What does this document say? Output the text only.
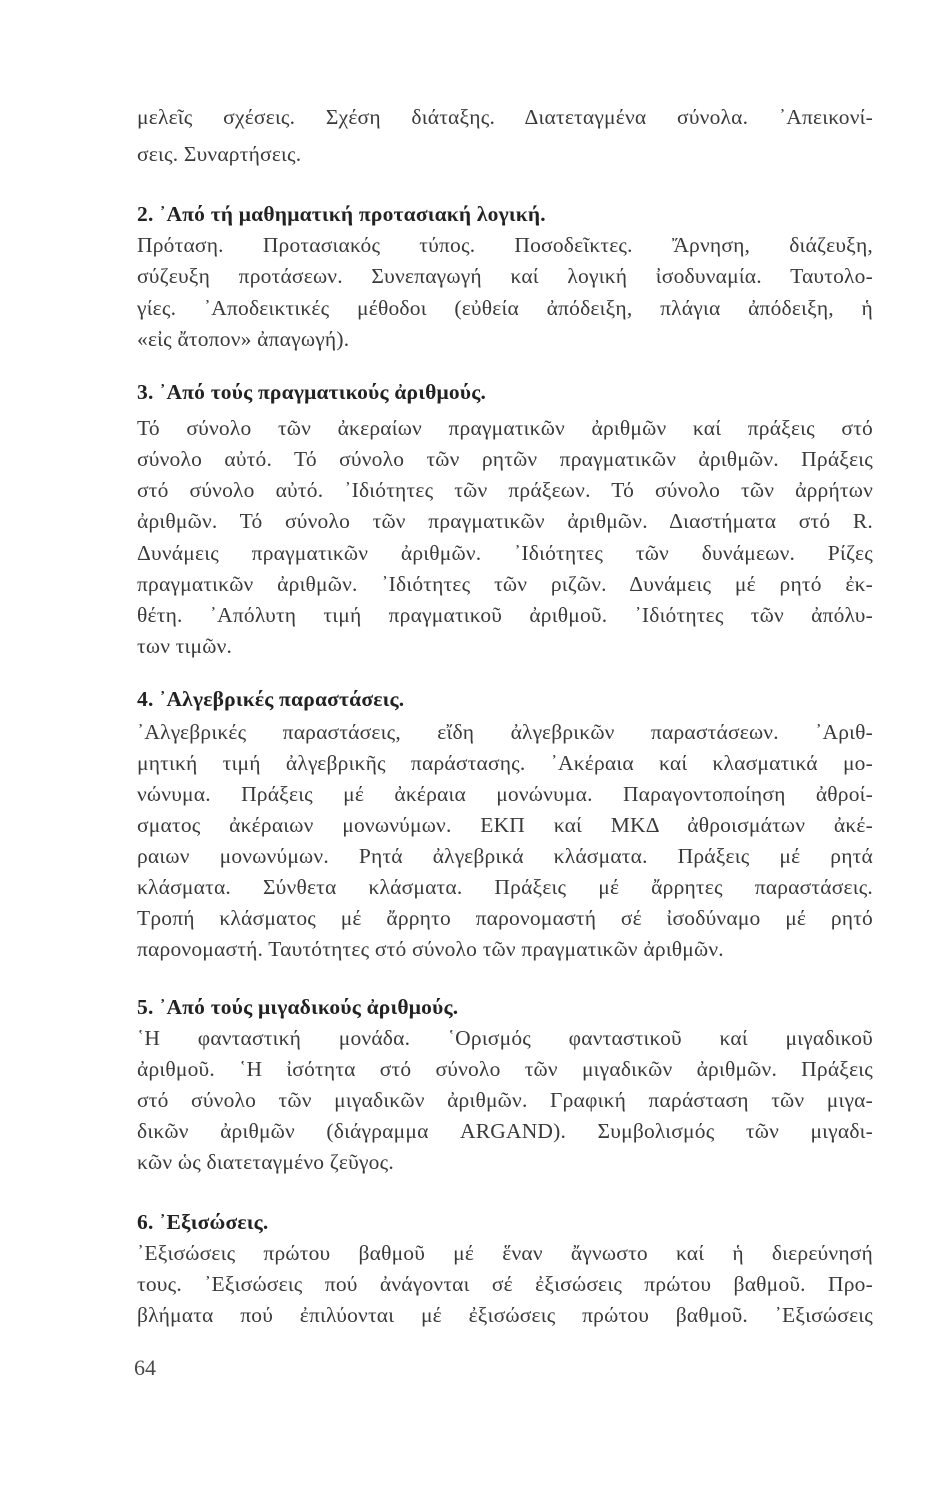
μελεῖς σχέσεις. Σχέση διάταξης. Διατεταγμένα σύνολα. ᾿Απεικονί-
σεις. Συναρτήσεις.
2. ᾿Από τή μαθηματική προτασιακή λογική.
Πρόταση. Προτασιακός τύπος. Ποσοδεῖκτες. Ἄρνηση, διάζευξη,
σύζευξη προτάσεων. Συνεπαγωγή καί λογική ἰσοδυναμία. Ταυτολο-
γίες. ᾿Αποδεικτικές μέθοδοι (εὐθεία ἀπόδειξη, πλάγια ἀπόδειξη, ἡ
«εἰς ἄτοπον» ἀπαγωγή).
3. ᾿Από τούς πραγματικούς ἀριθμούς.
Τό σύνολο τῶν ἀκεραίων πραγματικῶν ἀριθμῶν καί πράξεις στό
σύνολο αὐτό. Τό σύνολο τῶν ρητῶν πραγματικῶν ἀριθμῶν. Πράξεις
στό σύνολο αὐτό. ᾿Ιδιότητες τῶν πράξεων. Τό σύνολο τῶν ἀρρήτων
ἀριθμῶν. Τό σύνολο τῶν πραγματικῶν ἀριθμῶν. Διαστήματα στό R.
Δυνάμεις πραγματικῶν ἀριθμῶν. ᾿Ιδιότητες τῶν δυνάμεων. Ρίζες
πραγματικῶν ἀριθμῶν. ᾿Ιδιότητες τῶν ριζῶν. Δυνάμεις μέ ρητό ἐκ-
θέτη. ᾿Απόλυτη τιμή πραγματικοῦ ἀριθμοῦ. ᾿Ιδιότητες τῶν ἀπόλυ-
των τιμῶν.
4. ᾿Αλγεβρικές παραστάσεις.
᾿Αλγεβρικές παραστάσεις, εἴδη ἀλγεβρικῶν παραστάσεων. ᾿Αριθ-
μητική τιμή ἀλγεβρικῆς παράστασης. ᾿Ακέραια καί κλασματικά μο-
νώνυμα. Πράξεις μέ ἀκέραια μονώνυμα. Παραγοντοποίηση ἀθροί-
σματος ἀκέραιων μονωνύμων. ΕΚΠ καί ΜΚΔ ἀθροισμάτων ἀκέ-
ραιων μονωνύμων. Ρητά ἀλγεβρικά κλάσματα. Πράξεις μέ ρητά
κλάσματα. Σύνθετα κλάσματα. Πράξεις μέ ἄρρητες παραστάσεις.
Τροπή κλάσματος μέ ἄρρητο παρονομαστή σέ ἰσοδύναμο μέ ρητό
παρονομαστή. Ταυτότητες στό σύνολο τῶν πραγματικῶν ἀριθμῶν.
5. ᾿Από τούς μιγαδικούς ἀριθμούς.
῾Η φανταστική μονάδα. ῾Ορισμός φανταστικοῦ καί μιγαδικοῦ
ἀριθμοῦ. ῾Η ἰσότητα στό σύνολο τῶν μιγαδικῶν ἀριθμῶν. Πράξεις
στό σύνολο τῶν μιγαδικῶν ἀριθμῶν. Γραφική παράσταση τῶν μιγα-
δικῶν ἀριθμῶν (διάγραμμα ARGAND). Συμβολισμός τῶν μιγαδι-
κῶν ὡς διατεταγμένο ζεῦγος.
6. ᾿Εξισώσεις.
᾿Εξισώσεις πρώτου βαθμοῦ μέ ἕναν ἄγνωστο καί ἡ διερεύνησή
τους. ᾿Εξισώσεις πού ἀνάγονται σέ ἐξισώσεις πρώτου βαθμοῦ. Προ-
βλήματα πού ἐπιλύονται μέ ἐξισώσεις πρώτου βαθμοῦ. ᾿Εξισώσεις
64
